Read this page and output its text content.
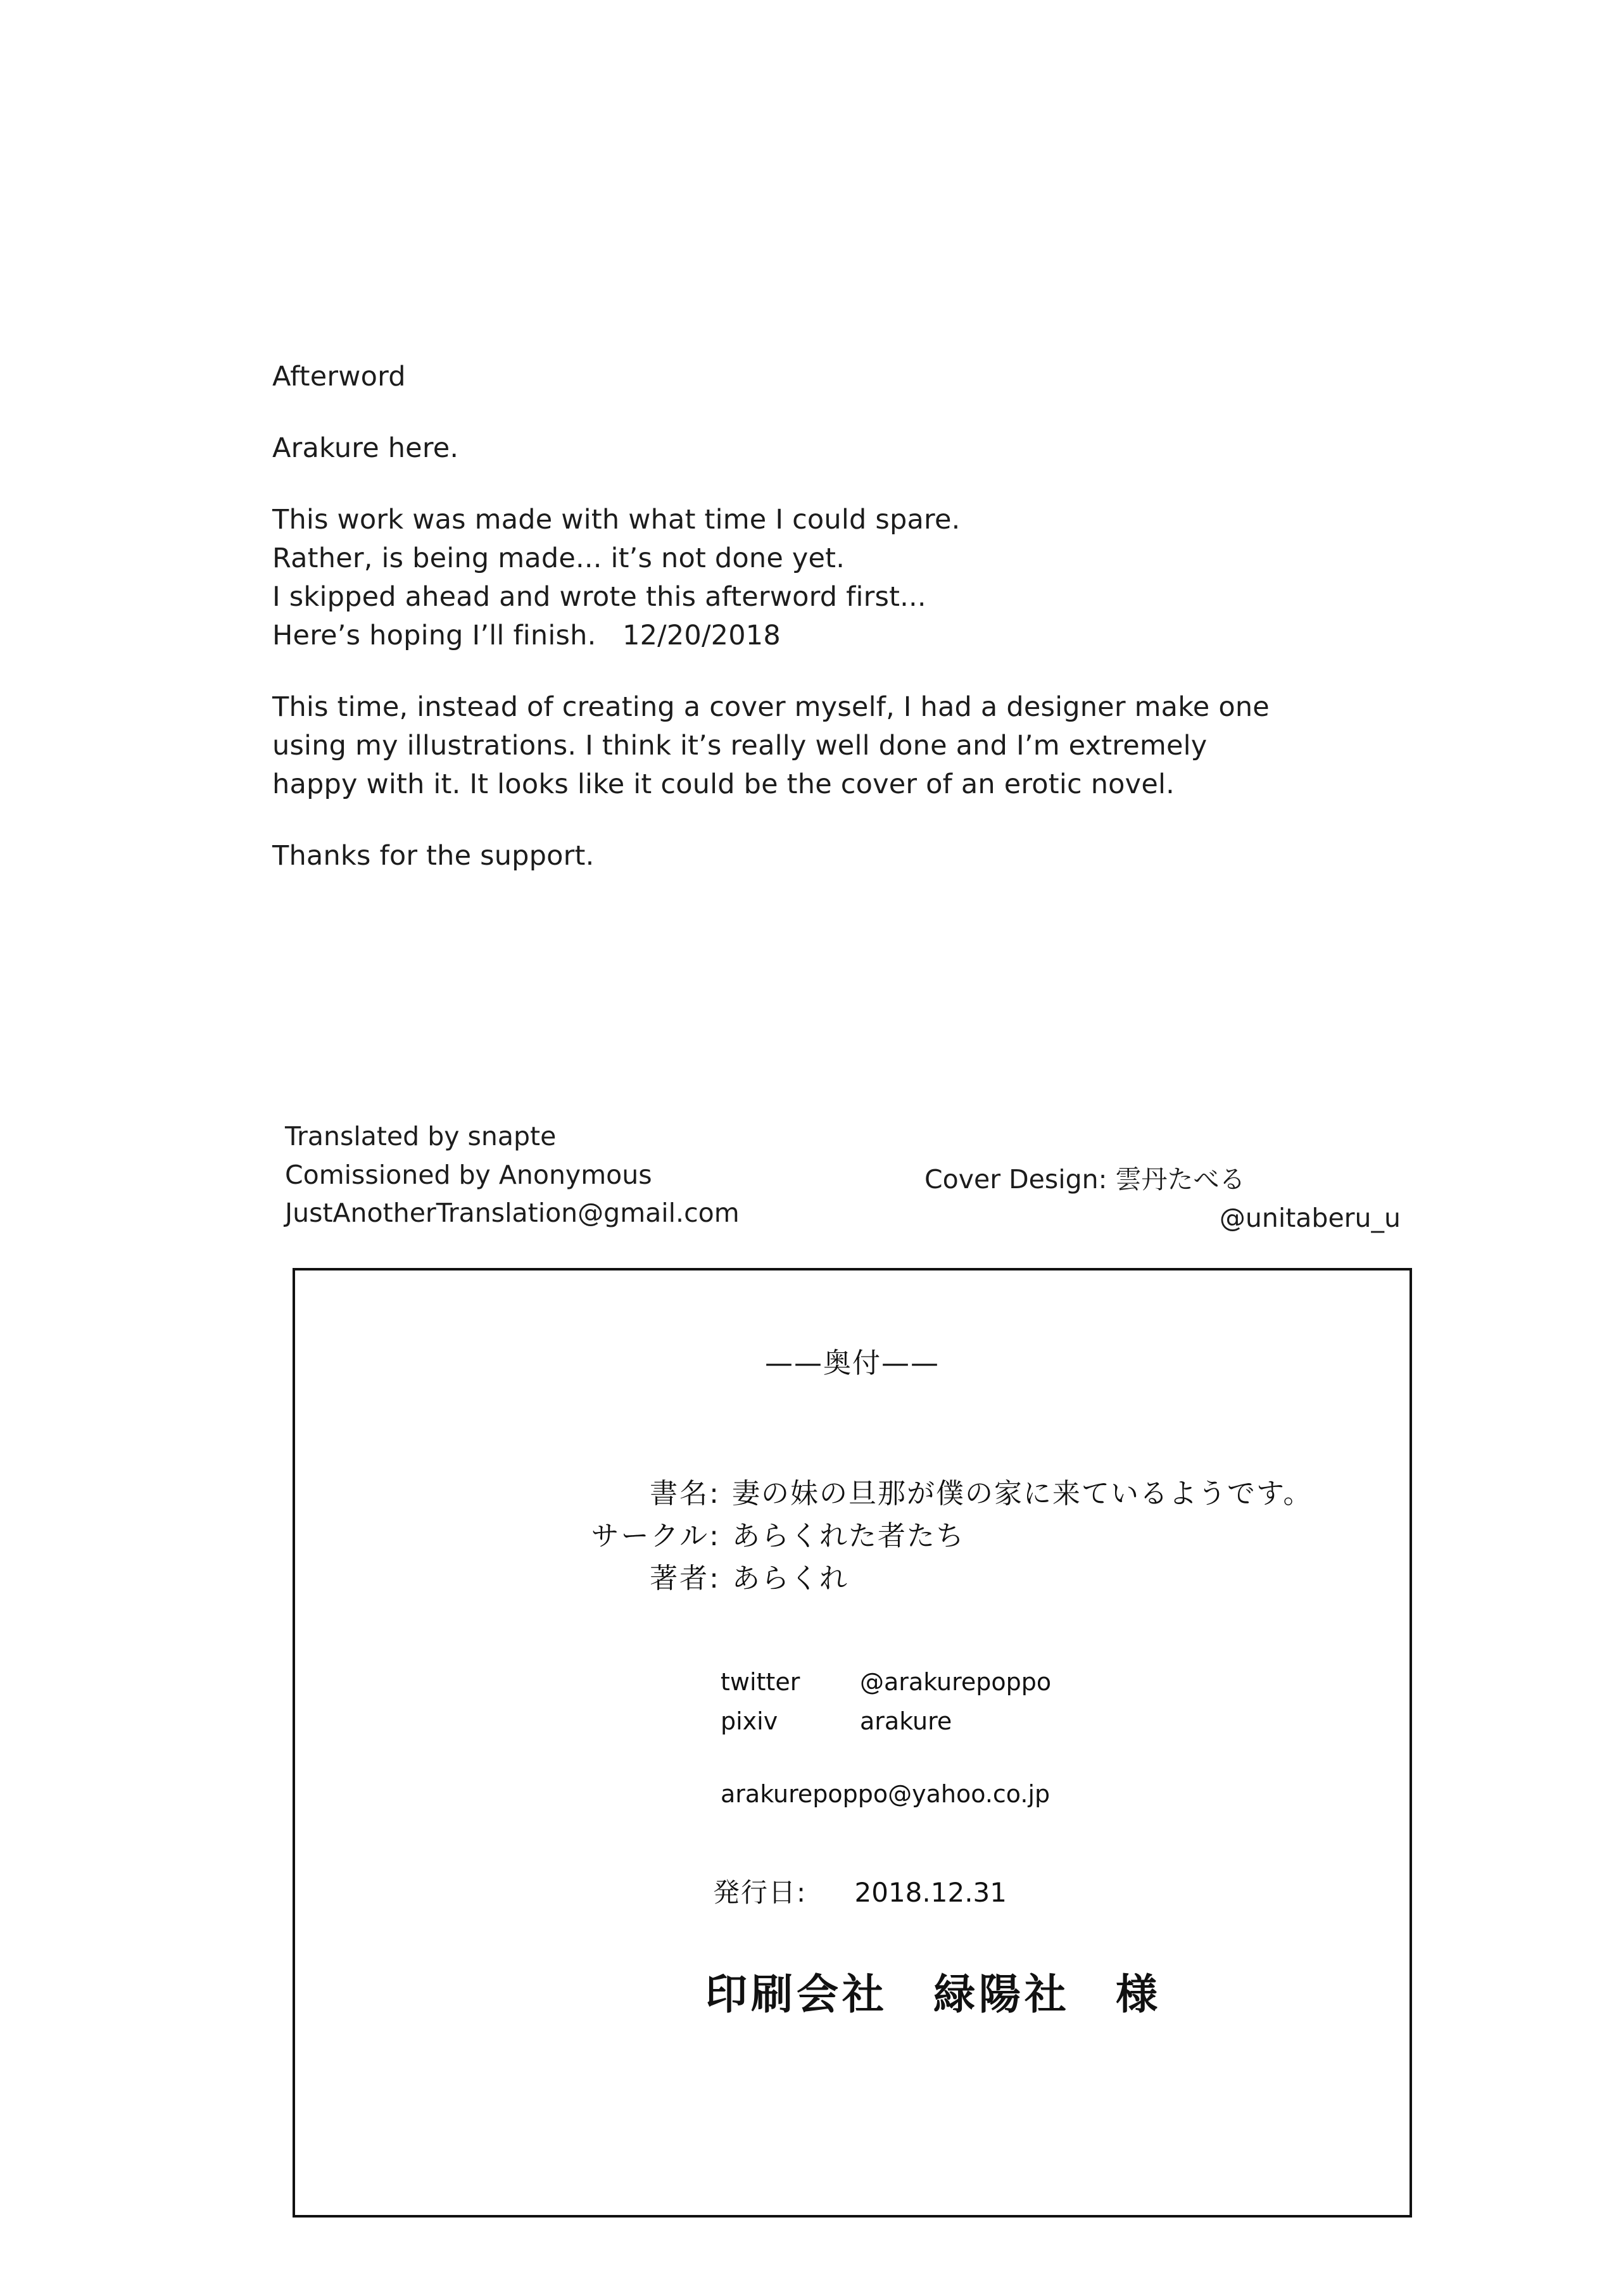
Afterword
Arakure here.
This work was made with what time I could spare.
Rather, is being made... it’s not done yet.
I skipped ahead and wrote this afterword first...
Here’s hoping I’ll finish.   12/20/2018
This time, instead of creating a cover myself, I had a designer make one
using my illustrations. I think it’s really well done and I’m extremely
happy with it. It looks like it could be the cover of an erotic novel.
Thanks for the support.
Translated by snapte
Comissioned by Anonymous
JustAnotherTranslation@gmail.com
Cover Design: 雲丹たべる
@unitaberu_u
——奥付——
書名: 妻の妹の旦那が僕の家に来ているようです。
サークル: あらくれた者たち
著者: あらくれ
twitter	@arakurepoppo
pixiv	arakure
arakurepoppo@yahoo.co.jp
発行日: 2018.12.31
印刷会社　緑陽社　様
